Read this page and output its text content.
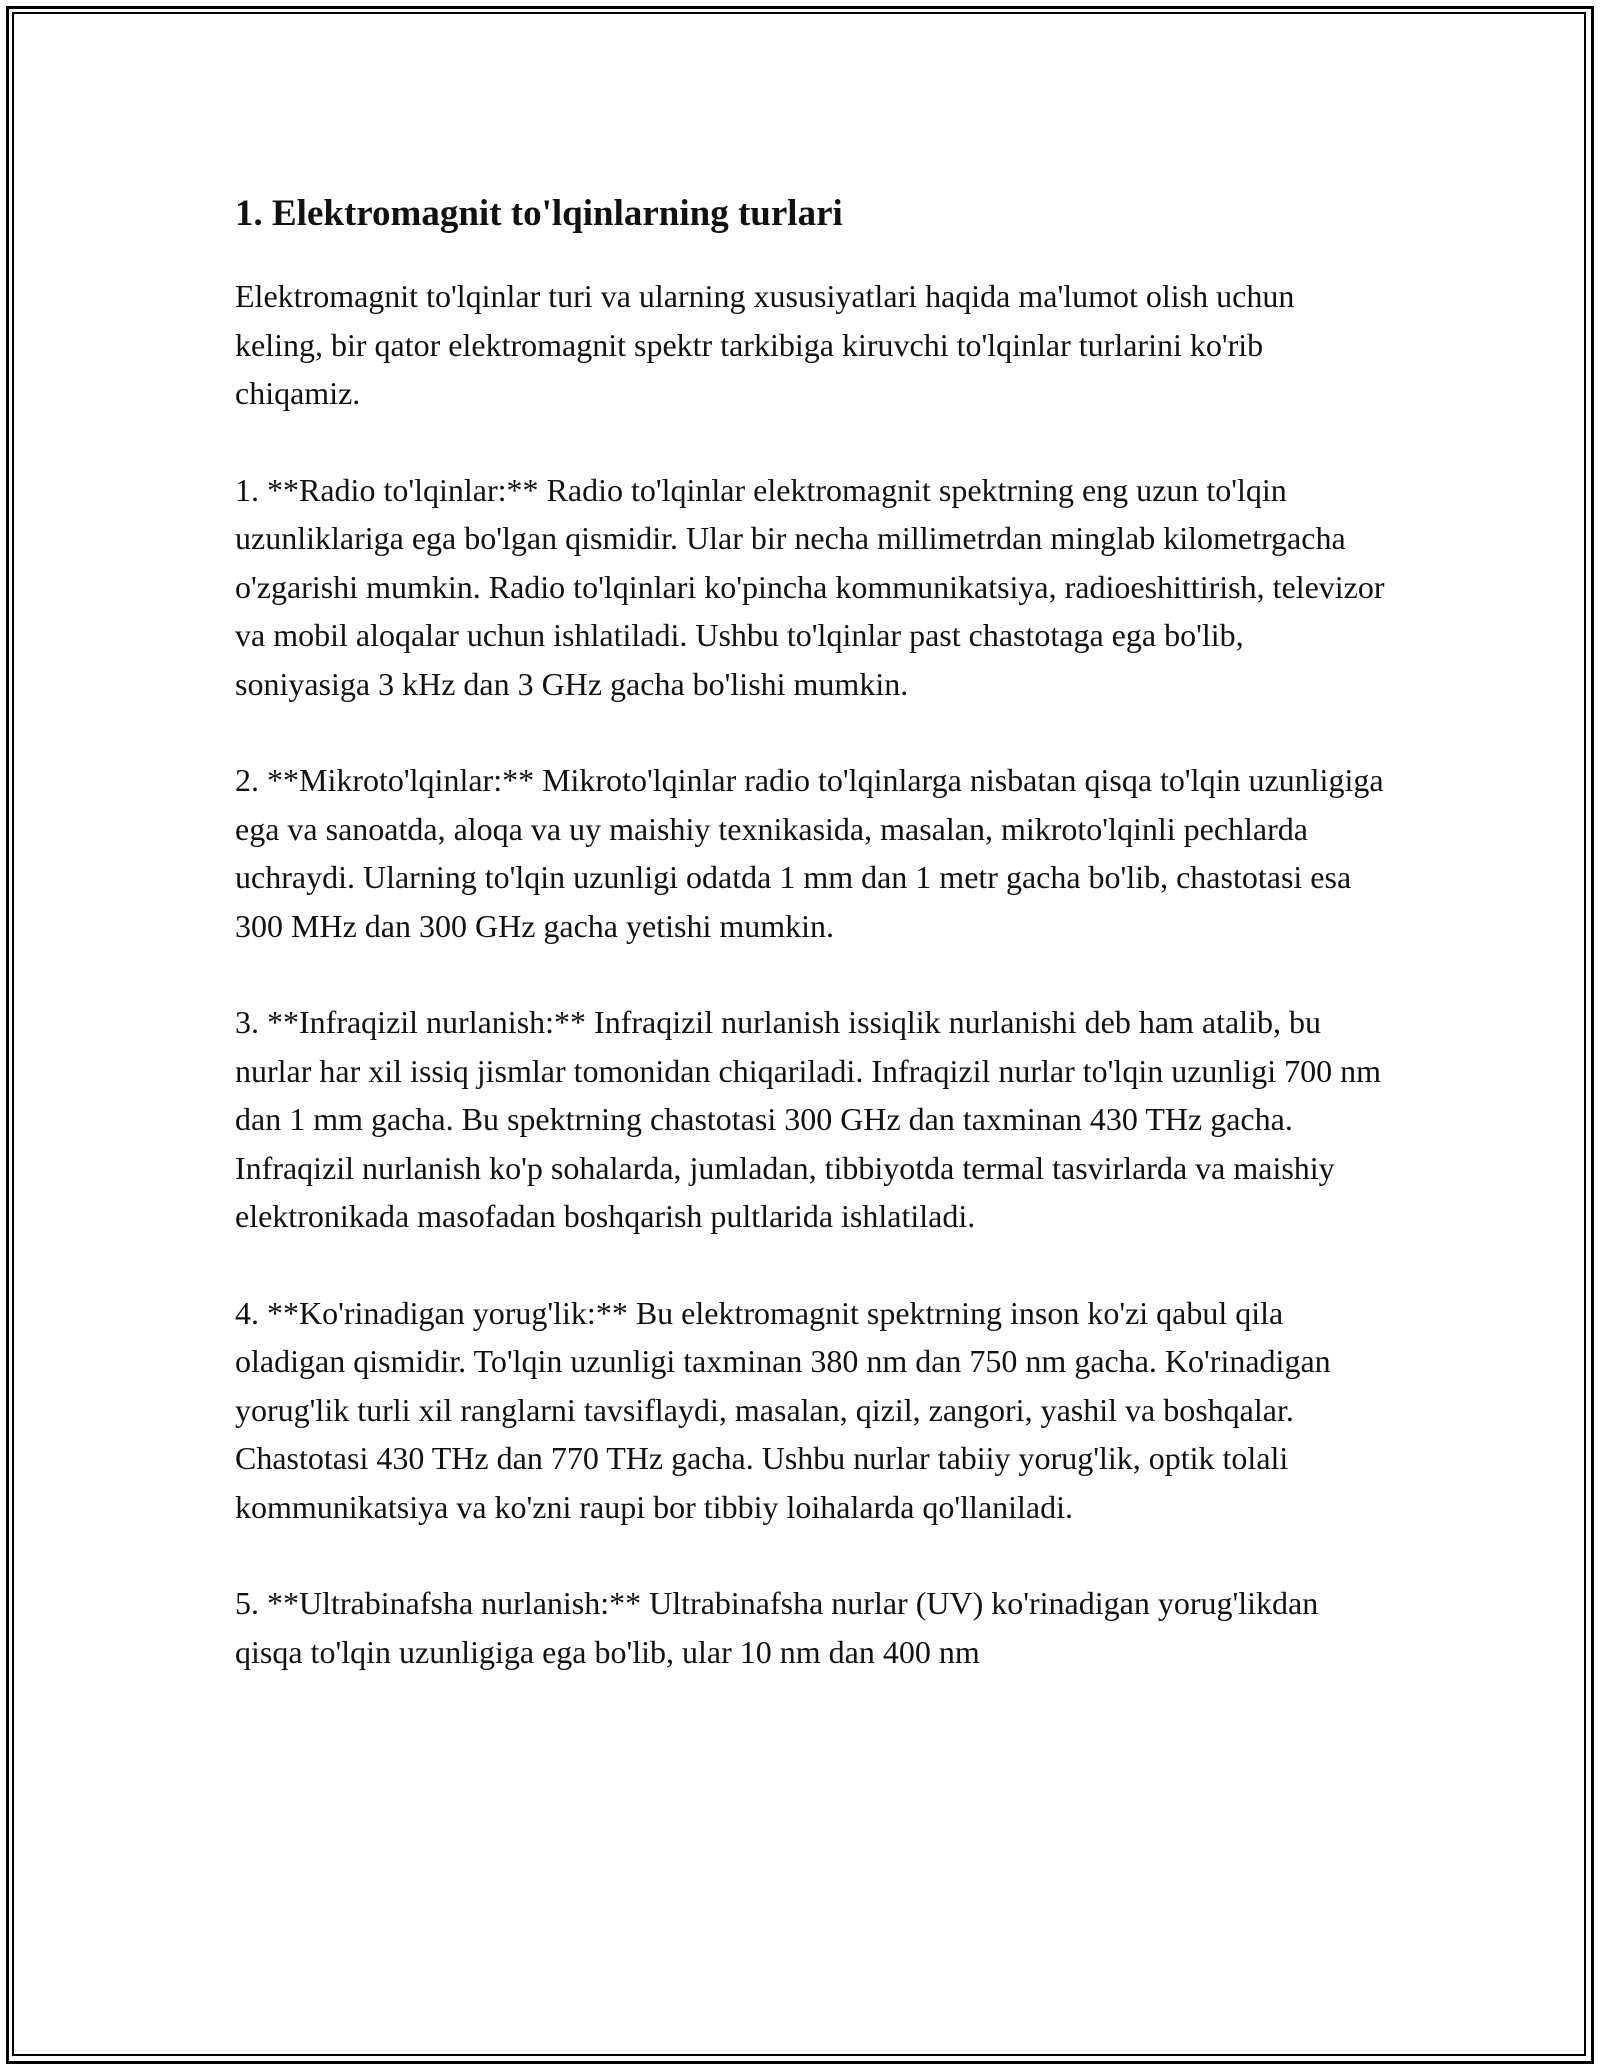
1. Elektromagnit to'lqinlarning turlari

Elektromagnit to'lqinlar turi va ularning xususiyatlari haqida ma'lumot olish uchun keling, bir qator elektromagnit spektr tarkibiga kiruvchi to'lqinlar turlarini ko'rib chiqamiz.

1. **Radio to'lqinlar:** Radio to'lqinlar elektromagnit spektrning eng uzun to'lqin uzunliklariga ega bo'lgan qismidir. Ular bir necha millimetrdan minglab kilometrgacha o'zgarishi mumkin. Radio to'lqinlari ko'pincha kommunikatsiya, radioeshittirish, televizor va mobil aloqalar uchun ishlatiladi. Ushbu to'lqinlar past chastotaga ega bo'lib, soniyasiga 3 kHz dan 3 GHz gacha bo'lishi mumkin.

2. **Mikroto'lqinlar:** Mikroto'lqinlar radio to'lqinlarga nisbatan qisqa to'lqin uzunligiga ega va sanoatda, aloqa va uy maishiy texnikasida, masalan, mikroto'lqinli pechlarda uchraydi. Ularning to'lqin uzunligi odatda 1 mm dan 1 metr gacha bo'lib, chastotasi esa 300 MHz dan 300 GHz gacha yetishi mumkin.

3. **Infraqizil nurlanish:** Infraqizil nurlanish issiqlik nurlanishi deb ham atalib, bu nurlar har xil issiq jismlar tomonidan chiqariladi. Infraqizil nurlar to'lqin uzunligi 700 nm dan 1 mm gacha. Bu spektrning chastotasi 300 GHz dan taxminan 430 THz gacha. Infraqizil nurlanish ko'p sohalarda, jumladan, tibbiyotda termal tasvirlarda va maishiy elektronikada masofadan boshqarish pultlarida ishlatiladi.

4. **Ko'rinadigan yorug'lik:** Bu elektromagnit spektrning inson ko'zi qabul qila oladigan qismidir. To'lqin uzunligi taxminan 380 nm dan 750 nm gacha. Ko'rinadigan yorug'lik turli xil ranglarni tavsiflaydi, masalan, qizil, zangori, yashil va boshqalar. Chastotasi 430 THz dan 770 THz gacha. Ushbu nurlar tabiiy yorug'lik, optik tolali kommunikatsiya va ko'zni raupi bor tibbiy loihalarda qo'llaniladi.

5. **Ultrabinafsha nurlanish:** Ultrabinafsha nurlar (UV) ko'rinadigan yorug'likdan qisqa to'lqin uzunligiga ega bo'lib, ular 10 nm dan 400 nm
